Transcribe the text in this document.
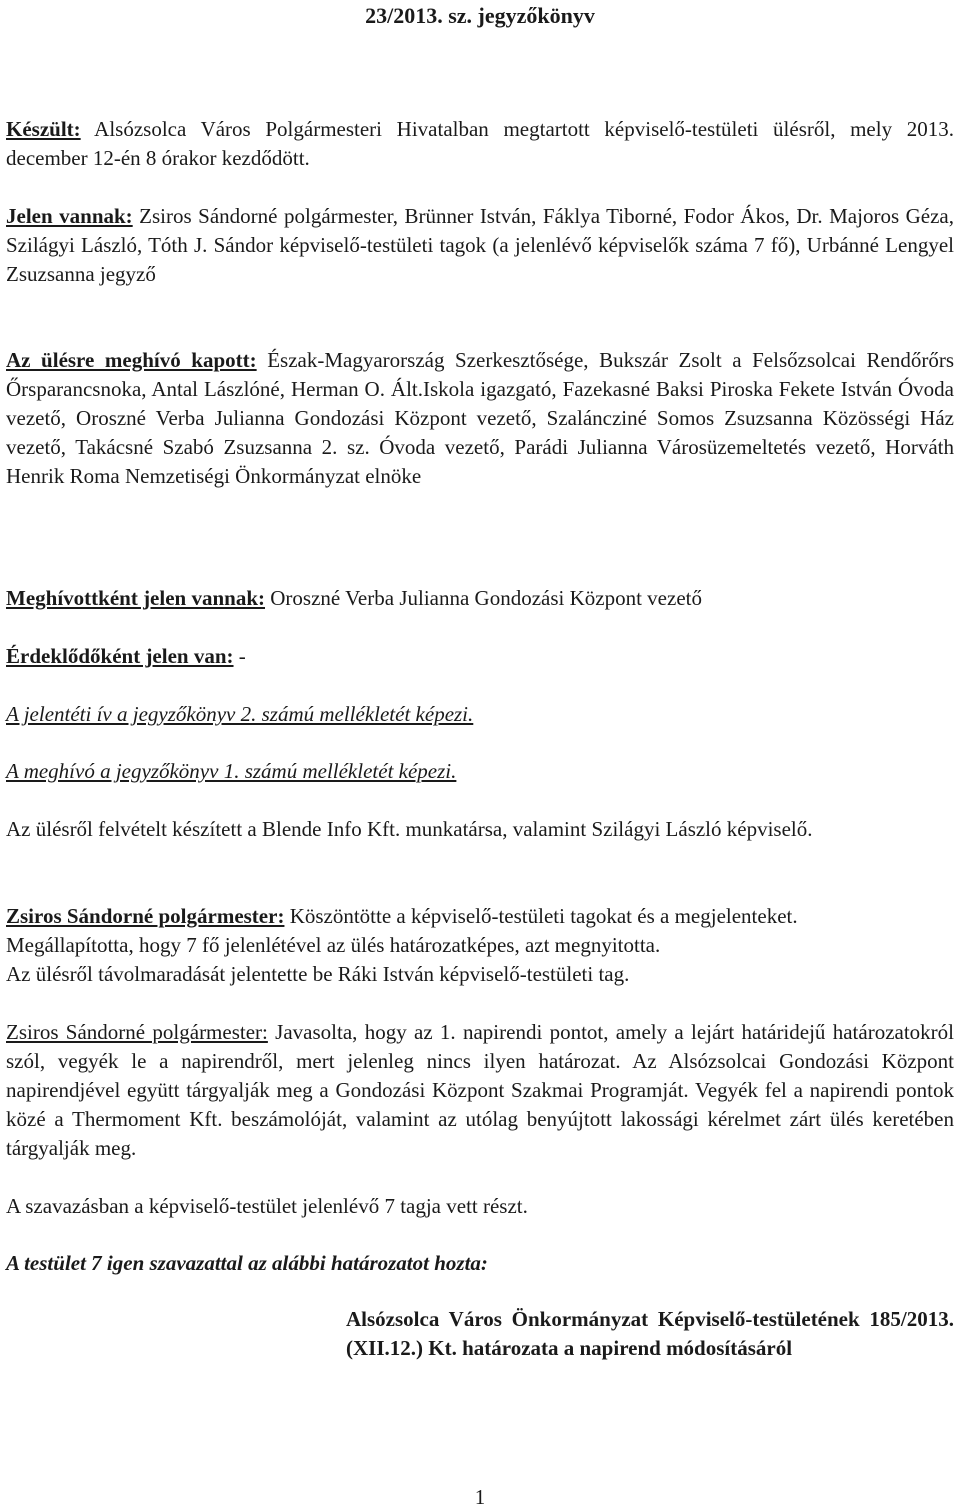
23/2013. sz. jegyzőkönyv

Készült: Alsózsolca Város Polgármesteri Hivatalban megtartott képviselő-testületi ülésről, mely 2013. december 12-én 8 órakor kezdődött.

Jelen vannak: Zsiros Sándorné polgármester, Brünner István, Fáklya Tiborné, Fodor Ákos, Dr. Majoros Géza, Szilágyi László, Tóth J. Sándor képviselő-testületi tagok (a jelenlévő képviselők száma 7 fő), Urbánné Lengyel Zsuzsanna jegyző

Az ülésre meghívó kapott: Észak-Magyarország Szerkesztősége, Bukszár Zsolt a Felsőzsolcai Rendőrőrs Őrsparancsnoka, Antal Lászlóné, Herman O. Ált.Iskola igazgató, Fazekasné Baksi Piroska Fekete István Óvoda vezető, Oroszné Verba Julianna Gondozási Központ vezető, Szaláncziné Somos Zsuzsanna Közösségi Ház vezető, Takácsné Szabó Zsuzsanna 2. sz. Óvoda vezető, Parádi Julianna Városüzemeltetés vezető, Horváth Henrik Roma Nemzetiségi Önkormányzat elnöke

Meghívottként jelen vannak: Oroszné Verba Julianna Gondozási Központ vezető

Érdeklődőként jelen van: -

A jelentéti ív a jegyzőkönyv 2. számú mellékletét képezi.

A meghívó a jegyzőkönyv 1. számú mellékletét képezi.

Az ülésről felvételt készített a Blende Info Kft. munkatársa, valamint Szilágyi László képviselő.

Zsiros Sándorné polgármester: Köszöntötte a képviselő-testületi tagokat és a megjelenteket.
Megállapította, hogy 7 fő jelenlétével az ülés határozatképes, azt megnyitotta.
Az ülésről távolmaradását jelentette be Ráki István képviselő-testületi tag.

Zsiros Sándorné polgármester: Javasolta, hogy az 1. napirendi pontot, amely a lejárt határidejű határozatokról szól, vegyék le a napirendről, mert jelenleg nincs ilyen határozat. Az Alsózsolcai Gondozási Központ napirendjével együtt tárgyalják meg a Gondozási Központ Szakmai Programját. Vegyék fel a napirendi pontok közé a Thermoment Kft. beszámolóját, valamint az utólag benyújtott lakossági kérelmet zárt ülés keretében tárgyalják meg.

A szavazásban a képviselő-testület jelenlévő 7 tagja vett részt.

A testület 7 igen szavazattal az alábbi határozatot hozta:

Alsózsolca Város Önkormányzat Képviselő-testületének 185/2013. (XII.12.) Kt. határozata a napirend módosításáról

1
